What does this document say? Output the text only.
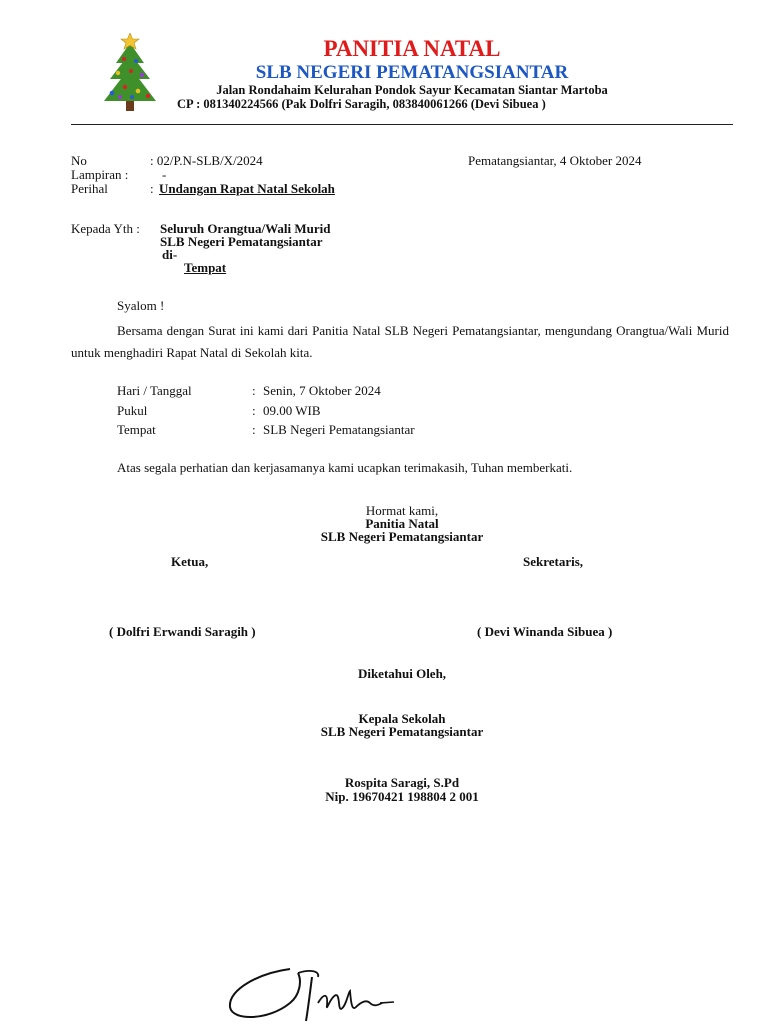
PANITIA NATAL
SLB NEGERI PEMATANGSIANTAR
Jalan Rondahaim Kelurahan Pondok Sayur Kecamatan Siantar Martoba
CP : 081340224566 (Pak Dolfri Saragih, 083840061266 (Devi Sibuea )
No	: 02/P.N-SLB/X/2024	Pematangsiantar, 4 Oktober 2024
Lampiran :	-
Perihal	: Undangan Rapat Natal Sekolah
Kepada Yth : Seluruh Orangtua/Wali Murid
SLB Negeri Pematangsiantar
di-
Tempat
Syalom !
Bersama dengan Surat ini kami dari Panitia Natal SLB Negeri Pematangsiantar, mengundang Orangtua/Wali Murid untuk menghadiri Rapat Natal di Sekolah kita.
Hari / Tanggal	: Senin, 7 Oktober 2024
Pukul	: 09.00 WIB
Tempat	: SLB Negeri Pematangsiantar
Atas segala perhatian dan kerjasamanya kami ucapkan terimakasih, Tuhan memberkati.
Hormat kami,
Panitia Natal
SLB Negeri Pematangsiantar
Ketua,	Sekretaris,
( Dolfri Erwandi Saragih )	( Devi Winanda Sibuea )
Diketahui Oleh,
Kepala Sekolah
SLB Negeri Pematangsiantar
Rospita Saragi, S.Pd
Nip. 19670421 198804 2 001
